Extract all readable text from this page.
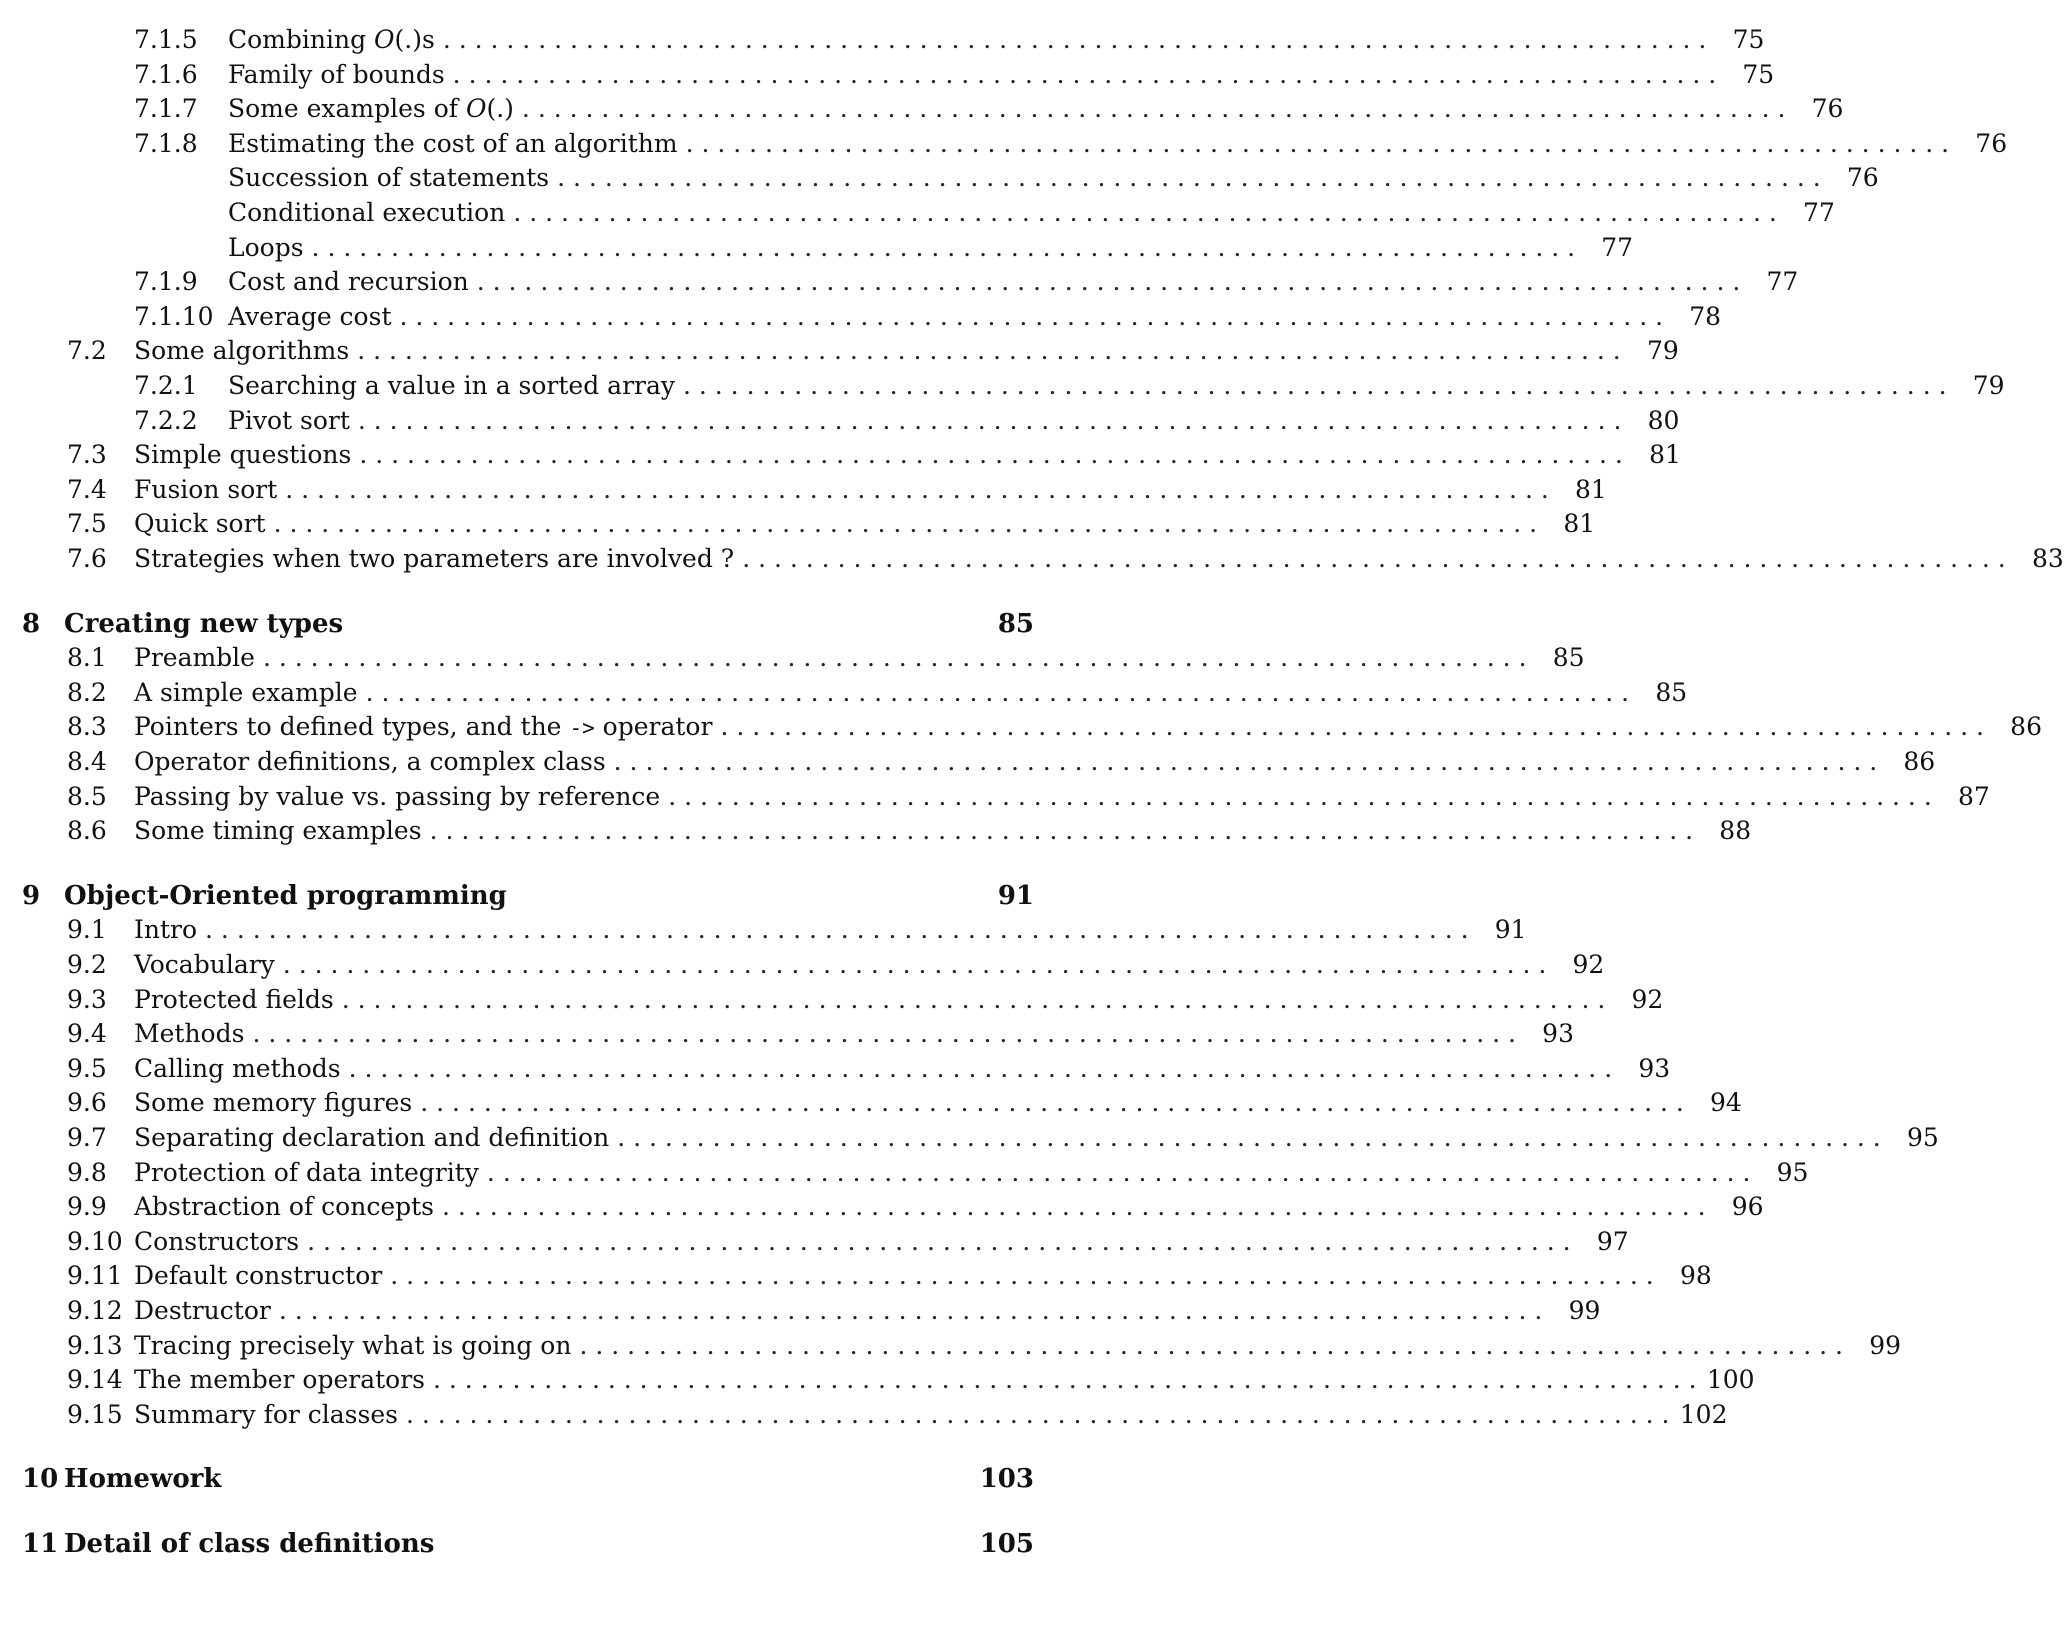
7.1.5	Combining O(.)s . . . . . . . . . . . . . . . . . . . . . . . . . . . . . . . . . . . . . . . . . . . . . . . . . . . . . . . . . . . . . . . . . . . . . . . . . . . . . . . .	75
7.1.6	Family of bounds . . . . . . . . . . . . . . . . . . . . . . . . . . . . . . . . . . . . . . . . . . . . . . . . . . . . . . . . . . . . . . . . . . . . . . . . . . . . . . . .	75
7.1.7	Some examples of O(.) . . . . . . . . . . . . . . . . . . . . . . . . . . . . . . . . . . . . . . . . . . . . . . . . . . . . . . . . . . . . . . . . . . . . . . . . . . . . . . . .	76
7.1.8	Estimating the cost of an algorithm . . . . . . . . . . . . . . . . . . . . . . . . . . . . . . . . . . . . . . . . . . . . . . . . . . . . . . . . . . . . . . . . . . . . . . . . . . . . . . . .	76
Succession of statements . . . . . . . . . . . . . . . . . . . . . . . . . . . . . . . . . . . . . . . . . . . . . . . . . . . . . . . . . . . . . . . . . . . . . . . . . . . . . . . .	76
Conditional execution . . . . . . . . . . . . . . . . . . . . . . . . . . . . . . . . . . . . . . . . . . . . . . . . . . . . . . . . . . . . . . . . . . . . . . . . . . . . . . . .	77
Loops . . . . . . . . . . . . . . . . . . . . . . . . . . . . . . . . . . . . . . . . . . . . . . . . . . . . . . . . . . . . . . . . . . . . . . . . . . . . . . . .	77
7.1.9	Cost and recursion . . . . . . . . . . . . . . . . . . . . . . . . . . . . . . . . . . . . . . . . . . . . . . . . . . . . . . . . . . . . . . . . . . . . . . . . . . . . . . . .	77
7.1.10 Average cost . . . . . . . . . . . . . . . . . . . . . . . . . . . . . . . . . . . . . . . . . . . . . . . . . . . . . . . . . . . . . . . . . . . . . . . . . . . . . . . .	78
7.2	Some algorithms . . . . . . . . . . . . . . . . . . . . . . . . . . . . . . . . . . . . . . . . . . . . . . . . . . . . . . . . . . . . . . . . . . . . . . . . . . . . . . . .	79
7.2.1	Searching a value in a sorted array . . . . . . . . . . . . . . . . . . . . . . . . . . . . . . . . . . . . . . . . . . . . . . . . . . . . . . . . . . . . . . . . . . . . . . . . . . . . . . . .	79
7.2.2	Pivot sort . . . . . . . . . . . . . . . . . . . . . . . . . . . . . . . . . . . . . . . . . . . . . . . . . . . . . . . . . . . . . . . . . . . . . . . . . . . . . . . .	80
7.3	Simple questions . . . . . . . . . . . . . . . . . . . . . . . . . . . . . . . . . . . . . . . . . . . . . . . . . . . . . . . . . . . . . . . . . . . . . . . . . . . . . . . .	81
7.4	Fusion sort . . . . . . . . . . . . . . . . . . . . . . . . . . . . . . . . . . . . . . . . . . . . . . . . . . . . . . . . . . . . . . . . . . . . . . . . . . . . . . . .	81
7.5	Quick sort . . . . . . . . . . . . . . . . . . . . . . . . . . . . . . . . . . . . . . . . . . . . . . . . . . . . . . . . . . . . . . . . . . . . . . . . . . . . . . . .	81
7.6	Strategies when two parameters are involved ? . . . . . . . . . . . . . . . . . . . . . . . . . . . . . . . . . . . . . . . . . . . . . . . . . . . . . . . . . . . . . . . . . . . . . . . . . . . . . . . .	83
8 Creating new types	85
8.1	Preamble . . . . . . . . . . . . . . . . . . . . . . . . . . . . . . . . . . . . . . . . . . . . . . . . . . . . . . . . . . . . . . . . . . . . . . . . . . . . . . . .	85
8.2	A simple example . . . . . . . . . . . . . . . . . . . . . . . . . . . . . . . . . . . . . . . . . . . . . . . . . . . . . . . . . . . . . . . . . . . . . . . . . . . . . . . .	85
8.3	Pointers to defined types, and the -> operator . . . . . . . . . . . . . . . . . . . . . . . . . . . . . . . . . . . . . . . . . . . . . . . . . . . . . . . . . . . . . . . . . . . . . . . . . . . . . . . .	86
8.4	Operator definitions, a complex class . . . . . . . . . . . . . . . . . . . . . . . . . . . . . . . . . . . . . . . . . . . . . . . . . . . . . . . . . . . . . . . . . . . . . . . . . . . . . . . .	86
8.5	Passing by value vs. passing by reference . . . . . . . . . . . . . . . . . . . . . . . . . . . . . . . . . . . . . . . . . . . . . . . . . . . . . . . . . . . . . . . . . . . . . . . . . . . . . . . .	87
8.6	Some timing examples . . . . . . . . . . . . . . . . . . . . . . . . . . . . . . . . . . . . . . . . . . . . . . . . . . . . . . . . . . . . . . . . . . . . . . . . . . . . . . . .	88
9 Object-Oriented programming	91
9.1	Intro . . . . . . . . . . . . . . . . . . . . . . . . . . . . . . . . . . . . . . . . . . . . . . . . . . . . . . . . . . . . . . . . . . . . . . . . . . . . . . . .	91
9.2	Vocabulary . . . . . . . . . . . . . . . . . . . . . . . . . . . . . . . . . . . . . . . . . . . . . . . . . . . . . . . . . . . . . . . . . . . . . . . . . . . . . . . .	92
9.3	Protected fields . . . . . . . . . . . . . . . . . . . . . . . . . . . . . . . . . . . . . . . . . . . . . . . . . . . . . . . . . . . . . . . . . . . . . . . . . . . . . . . .	92
9.4	Methods . . . . . . . . . . . . . . . . . . . . . . . . . . . . . . . . . . . . . . . . . . . . . . . . . . . . . . . . . . . . . . . . . . . . . . . . . . . . . . . .	93
9.5	Calling methods . . . . . . . . . . . . . . . . . . . . . . . . . . . . . . . . . . . . . . . . . . . . . . . . . . . . . . . . . . . . . . . . . . . . . . . . . . . . . . . .	93
9.6	Some memory figures . . . . . . . . . . . . . . . . . . . . . . . . . . . . . . . . . . . . . . . . . . . . . . . . . . . . . . . . . . . . . . . . . . . . . . . . . . . . . . . .	94
9.7	Separating declaration and definition . . . . . . . . . . . . . . . . . . . . . . . . . . . . . . . . . . . . . . . . . . . . . . . . . . . . . . . . . . . . . . . . . . . . . . . . . . . . . . . .	95
9.8	Protection of data integrity . . . . . . . . . . . . . . . . . . . . . . . . . . . . . . . . . . . . . . . . . . . . . . . . . . . . . . . . . . . . . . . . . . . . . . . . . . . . . . . .	95
9.9	Abstraction of concepts . . . . . . . . . . . . . . . . . . . . . . . . . . . . . . . . . . . . . . . . . . . . . . . . . . . . . . . . . . . . . . . . . . . . . . . . . . . . . . . .	96
9.10 Constructors . . . . . . . . . . . . . . . . . . . . . . . . . . . . . . . . . . . . . . . . . . . . . . . . . . . . . . . . . . . . . . . . . . . . . . . . . . . . . . . .	97
9.11 Default constructor . . . . . . . . . . . . . . . . . . . . . . . . . . . . . . . . . . . . . . . . . . . . . . . . . . . . . . . . . . . . . . . . . . . . . . . . . . . . . . . .	98
9.12 Destructor . . . . . . . . . . . . . . . . . . . . . . . . . . . . . . . . . . . . . . . . . . . . . . . . . . . . . . . . . . . . . . . . . . . . . . . . . . . . . . . .	99
9.13 Tracing precisely what is going on . . . . . . . . . . . . . . . . . . . . . . . . . . . . . . . . . . . . . . . . . . . . . . . . . . . . . . . . . . . . . . . . . . . . . . . . . . . . . . . .	99
9.14 The member operators . . . . . . . . . . . . . . . . . . . . . . . . . . . . . . . . . . . . . . . . . . . . . . . . . . . . . . . . . . . . . . . . . . . . . . . . . . . . . . . . 100
9.15 Summary for classes . . . . . . . . . . . . . . . . . . . . . . . . . . . . . . . . . . . . . . . . . . . . . . . . . . . . . . . . . . . . . . . . . . . . . . . . . . . . . . . . 102
10 Homework	103
11 Detail of class definitions	105
